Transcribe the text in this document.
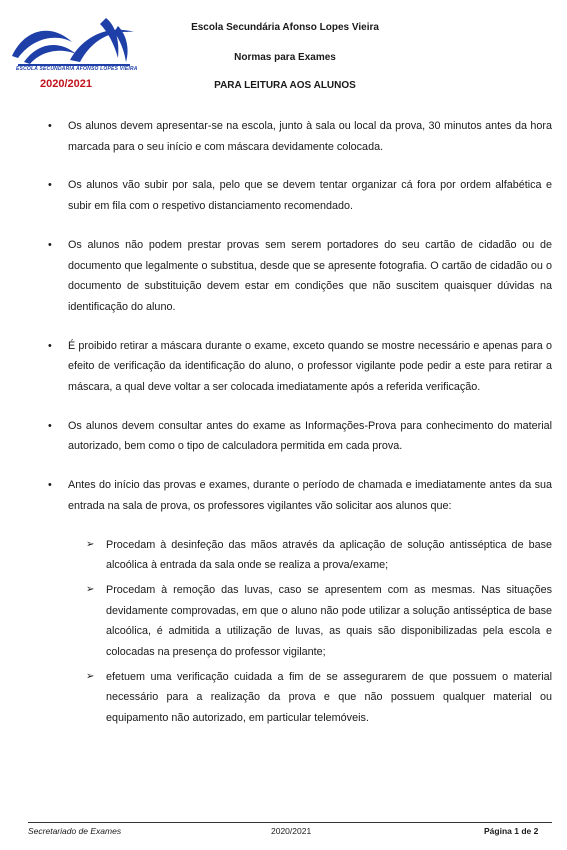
ESCOLA SECUNDÁRIA AFONSO LOPES VIEIRA
2020/2021
Escola Secundária Afonso Lopes Vieira
Normas para Exames
PARA LEITURA AOS ALUNOS
• Os alunos devem apresentar-se na escola, junto à sala ou local da prova, 30 minutos antes da hora marcada para o seu início e com máscara devidamente colocada.
• Os alunos vão subir por sala, pelo que se devem tentar organizar cá fora por ordem alfabética e subir em fila com o respetivo distanciamento recomendado.
• Os alunos não podem prestar provas sem serem portadores do seu cartão de cidadão ou de documento que legalmente o substitua, desde que se apresente fotografia. O cartão de cidadão ou o documento de substituição devem estar em condições que não suscitem quaisquer dúvidas na identificação do aluno.
• É proibido retirar a máscara durante o exame, exceto quando se mostre necessário e apenas para o efeito de verificação da identificação do aluno, o professor vigilante pode pedir a este para retirar a máscara, a qual deve voltar a ser colocada imediatamente após a referida verificação.
• Os alunos devem consultar antes do exame as Informações-Prova para conhecimento do material autorizado, bem como o tipo de calculadora permitida em cada prova.
• Antes do início das provas e exames, durante o período de chamada e imediatamente antes da sua entrada na sala de prova, os professores vigilantes vão solicitar aos alunos que:
➢ Procedam à desinfeção das mãos através da aplicação de solução antisséptica de base alcoólica à entrada da sala onde se realiza a prova/exame;
➢ Procedam à remoção das luvas, caso se apresentem com as mesmas. Nas situações devidamente comprovadas, em que o aluno não pode utilizar a solução antisséptica de base alcoólica, é admitida a utilização de luvas, as quais são disponibilizadas pela escola e colocadas na presença do professor vigilante;
➢ efetuem uma verificação cuidada a fim de se assegurarem de que possuem o material necessário para a realização da prova e que não possuem qualquer material ou equipamento não autorizado, em particular telemóveis.
Secretariado de Exames	2020/2021	Página 1 de 2
